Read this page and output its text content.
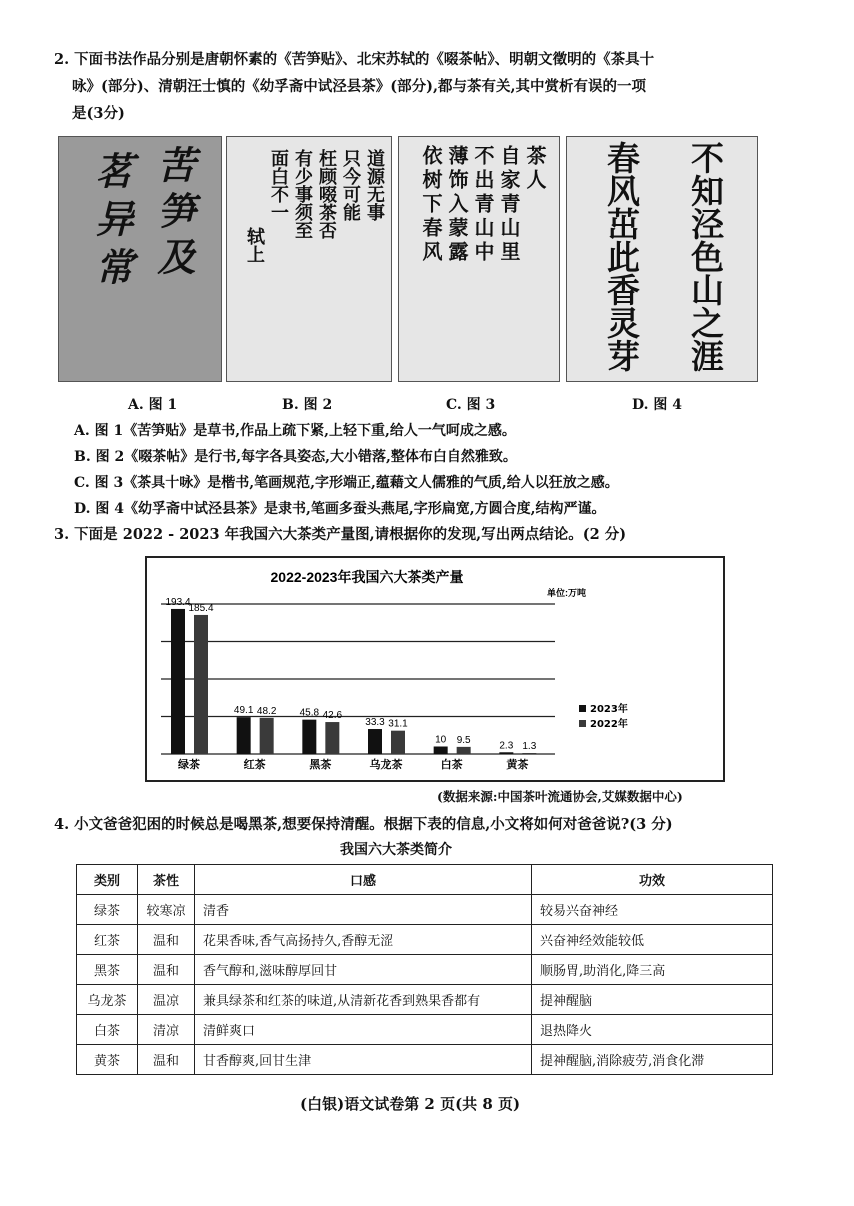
2. 下面书法作品分别是唐朝怀素的《苦笋贴》、北宋苏轼的《啜茶帖》、明朝文徵明的《茶具十
咏》(部分)、清朝汪士慎的《幼孚斋中试泾县茶》(部分),都与茶有关,其中赏析有误的一项
是(3分)
苦笋及
茗异常	道源无事
只今可能
枉顾啜茶否
有少事须至
面白不一
轼上
茶人
自家青山里
不出青山中
薄饰入蒙露
依树下春风	不知泾色山之涯
春风茁此香灵芽
A. 图 1	B. 图 2	C. 图 3	D. 图 4
A. 图 1《苦笋贴》是草书,作品上疏下紧,上轻下重,给人一气呵成之感。
B. 图 2《啜茶帖》是行书,每字各具姿态,大小错落,整体布白自然雅致。
C. 图 3《茶具十咏》是楷书,笔画规范,字形端正,蕴藉文人儒雅的气质,给人以狂放之感。
D. 图 4《幼孚斋中试泾县茶》是隶书,笔画多蚕头燕尾,字形扁宽,方圆合度,结构严谨。
3. 下面是 2022 - 2023 年我国六大茶类产量图,请根据你的发现,写出两点结论。(2 分)
2022-2023年我国六大茶类产量
单位:万吨
193.4
185.4
49.1 48.2 45.8 42.6
33.3 31.1
10 9.5	2.3 1.3
绿茶	红茶	黑茶	乌龙茶	白茶	黄茶
2023年
2022年
(数据来源:中国茶叶流通协会,艾媒数据中心)
4. 小文爸爸犯困的时候总是喝黑茶,想要保持清醒。根据下表的信息,小文将如何对爸爸说?(3 分)
我国六大茶类简介
类别	茶性	口感	功效
绿茶	较寒凉	清香	较易兴奋神经
红茶	温和	花果香味,香气高扬持久,香醇无涩	兴奋神经效能较低
黑茶	温和	香气醇和,滋味醇厚回甘	顺肠胃,助消化,降三高
乌龙茶	温凉	兼具绿茶和红茶的味道,从清新花香到熟果香都有	提神醒脑
白茶	清凉	清鲜爽口	退热降火
黄茶	温和	甘香醇爽,回甘生津	提神醒脑,消除疲劳,消食化滞
(白银)语文试卷第 2 页(共 8 页)
